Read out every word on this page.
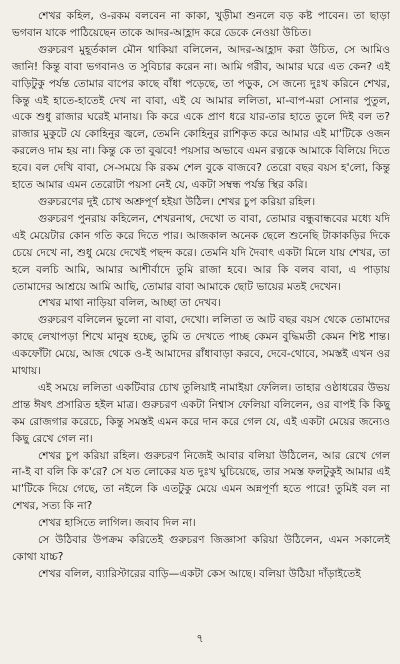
শেখর কহিল, ও-রকম বলবেন না কাকা, খুড়ীমা শুনলে বড় কষ্ট পাবেন। তা ছাড়া ভগবান যাকে পাঠিয়েছেন তাকে আদর-আহ্লাদ করে ডেকে নেওয়া উচিত।

গুরুচরণ মুহূর্তকাল মৌন থাকিয়া বলিলেন, আদর-আহ্লাদ করা উচিত, সে আমিও জানি! কিন্তু বাবা ভগবানও ত সুবিচার করেন না। আমি গরীব, আমার ঘরে এত কেন? এই বাড়িটুকু পর্যন্ত তোমার বাপের কাছে বাঁধা পড়েছে, তা পড়ুক, সে জন্যে দুঃখ করিনে শেখর, কিন্তু এই হাতে-হাতেই দেখ না বাবা, এই যে আমার ললিতা, মা-বাপ-মরা সোনার পুতুল, একে শুধু রাজার ঘরেই মানায়। কি করে একে প্রাণ ধরে যার-তার হাতে তুলে দিই বল ত? রাজার মুকুটে যে কোহিনুর জ্বলে, তেমনি কোহিনুর রাশিকৃত করে আমার এই মা'টিকে ওজন করলেও দাম হয় না। কিন্তু কে তা বুঝবে! পয়সার অভাবে এমন রত্নকে আমাকে বিলিয়ে দিতে হবে। বল দেখি বাবা, সে-সময়ে কি রকম শেল বুকে বাজবে? তেরো বছর বয়স হ'লো, কিন্তু হাতে আমার এমন তেরোটা পয়সা নেই যে, একটা সম্বন্ধ পর্যন্ত স্থির করি।

গুরুচরণের দুই চোখ অশ্রুপূর্ণ হইয়া উঠিল। শেখর চুপ করিয়া রহিল।

গুরুচরণ পুনরায় কহিলেন, শেখরনাথ, দেখো ত বাবা, তোমার বন্ধুবান্ধবের মধ্যে যদি এই মেয়েটার কোন গতি করে দিতে পার। আজকাল অনেক ছেলে শুনেছি টাকাকড়ির দিকে চেয়ে দেখে না, শুধু মেয়ে দেখেই পছন্দ করে। তেমনি যদি দৈবাৎ একটা মিলে যায় শেখর, তা হলে বলচি আমি, আমার আশীর্বাদে তুমি রাজা হবে। আর কি বলব বাবা, এ পাড়ায় তোমাদের আশ্রয়ে আমি আছি, তোমার বাবা আমাকে ছোট ভায়ের মতই দেখেন।

শেখর মাথা নাড়িয়া বলিল, আচ্ছা তা দেখব।

গুরুচরণ বলিলেন ভুলো না বাবা, দেখো। ললিতা ত আট বছর বয়স থেকে তোমাদের কাছে লেখাপড়া শিখে মানুষ হচ্ছে, তুমি ত দেখতে পাচ্ছ কেমন বুদ্ধিমতী কেমন শিষ্ট শান্ত। একফোঁটা মেয়ে, আজ থেকে ও-ই আমাদের রাঁধাবাড়া করবে, দেবে-থোবে, সমস্তই এখন ওর মাথায়।

এই সময়ে ললিতা একটিবার চোখ তুলিয়াই নামাইয়া ফেলিল। তাহার ওষ্ঠাধরের উভয় প্রান্ত ঈষৎ প্রসারিত হইল মাত্র। গুরুচরণ একটা নিশ্বাস ফেলিয়া বলিলেন, ওর বাপই কি কিছু কম রোজগার করেচে, কিন্তু সমস্তই এমন করে দান করে গেল যে, এই একটা মেয়ের জন্যেও কিছু রেখে গেল না।

শেখর চুপ করিয়া রহিল। গুরুচরণ নিজেই আবার বলিয়া উঠিলেন, আর রেখে গেল না-ই বা বলি কি ক'রে? সে যত লোকের যত দুঃখ ঘুচিয়েছে, তার সমস্ত ফলটুকুই আমার এই মা'টিকে দিয়ে গেছে, তা নইলে কি এতটুকু মেয়ে এমন অন্নপূর্ণা হতে পারে! তুমিই বল না শেখর, সত্য কি না?

শেখর হাসিতে লাগিল। জবাব দিল না।

সে উঠিবার উপক্রম করিতেই গুরুচরণ জিজ্ঞাসা করিয়া উঠিলেন, এমন সকালেই কোথা যাচ্চ?

শেখর বলিল, ব্যারিস্টারের বাড়ি—একটা কেস আছে। বলিয়া উঠিয়া দাঁড়াইতেই

৭
